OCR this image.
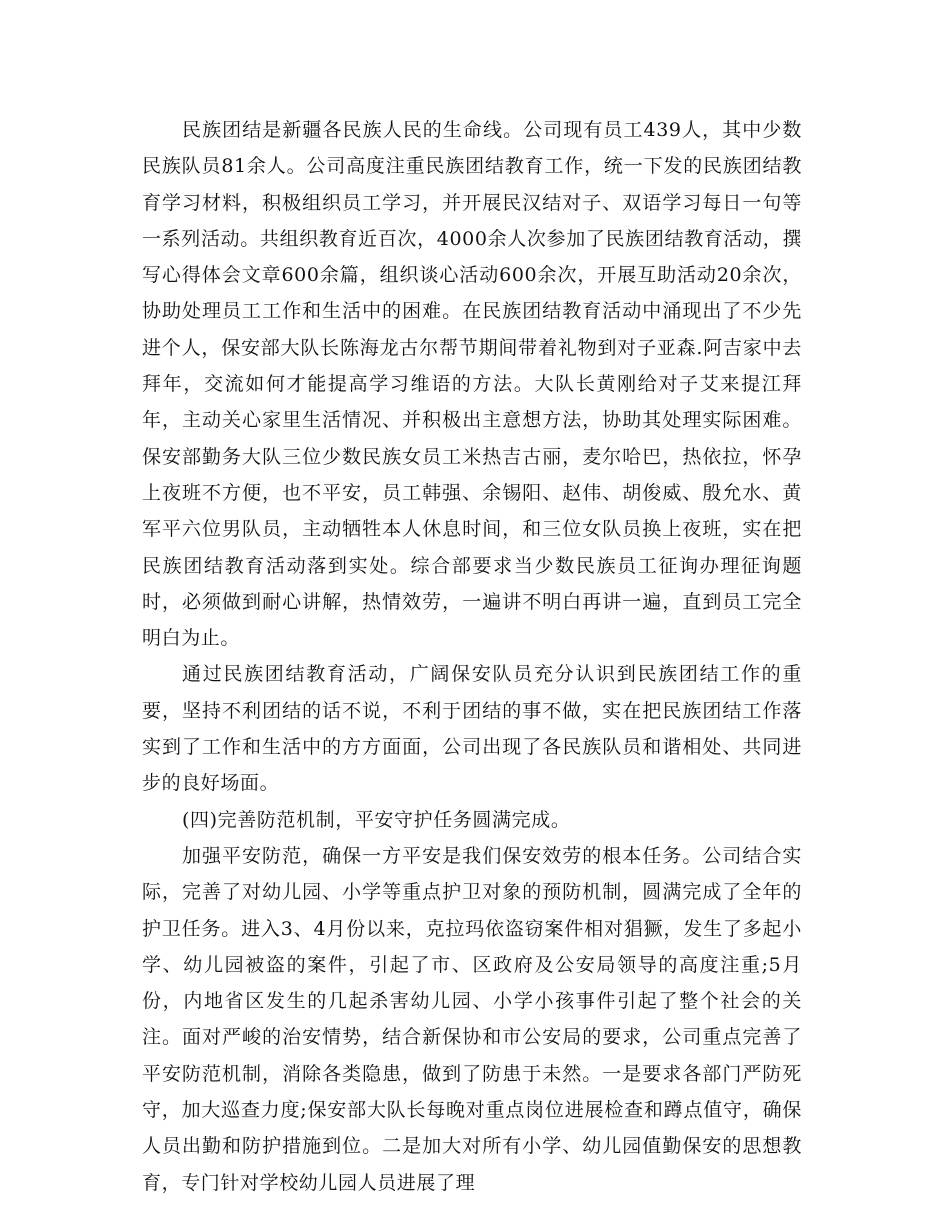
民族团结是新疆各民族人民的生命线。公司现有员工439人，其中少数民族队员81余人。公司高度注重民族团结教育工作，统一下发的民族团结教育学习材料，积极组织员工学习，并开展民汉结对子、双语学习每日一句等一系列活动。共组织教育近百次，4000余人次参加了民族团结教育活动，撰写心得体会文章600余篇，组织谈心活动600余次，开展互助活动20余次，协助处理员工工作和生活中的困难。在民族团结教育活动中涌现出了不少先进个人，保安部大队长陈海龙古尔帮节期间带着礼物到对子亚森.阿吉家中去拜年，交流如何才能提高学习维语的方法。大队长黄刚给对子艾来提江拜年，主动关心家里生活情况、并积极出主意想方法，协助其处理实际困难。保安部勤务大队三位少数民族女员工米热吉古丽，麦尔哈巴，热依拉，怀孕上夜班不方便，也不平安，员工韩强、余锡阳、赵伟、胡俊威、殷允水、黄军平六位男队员，主动牺牲本人休息时间，和三位女队员换上夜班，实在把民族团结教育活动落到实处。综合部要求当少数民族员工征询办理征询题时，必须做到耐心讲解，热情效劳，一遍讲不明白再讲一遍，直到员工完全明白为止。

通过民族团结教育活动，广阔保安队员充分认识到民族团结工作的重要，坚持不利团结的话不说，不利于团结的事不做，实在把民族团结工作落实到了工作和生活中的方方面面，公司出现了各民族队员和谐相处、共同进步的良好场面。

(四)完善防范机制，平安守护任务圆满完成。

加强平安防范，确保一方平安是我们保安效劳的根本任务。公司结合实际，完善了对幼儿园、小学等重点护卫对象的预防机制，圆满完成了全年的护卫任务。进入3、4月份以来，克拉玛依盗窃案件相对猖獗，发生了多起小学、幼儿园被盗的案件，引起了市、区政府及公安局领导的高度注重;5月份，内地省区发生的几起杀害幼儿园、小学小孩事件引起了整个社会的关注。面对严峻的治安情势，结合新保协和市公安局的要求，公司重点完善了平安防范机制，消除各类隐患，做到了防患于未然。一是要求各部门严防死守，加大巡查力度;保安部大队长每晚对重点岗位进展检查和蹲点值守，确保人员出勤和防护措施到位。二是加大对所有小学、幼儿园值勤保安的思想教育，专门针对学校幼儿园人员进展了理
